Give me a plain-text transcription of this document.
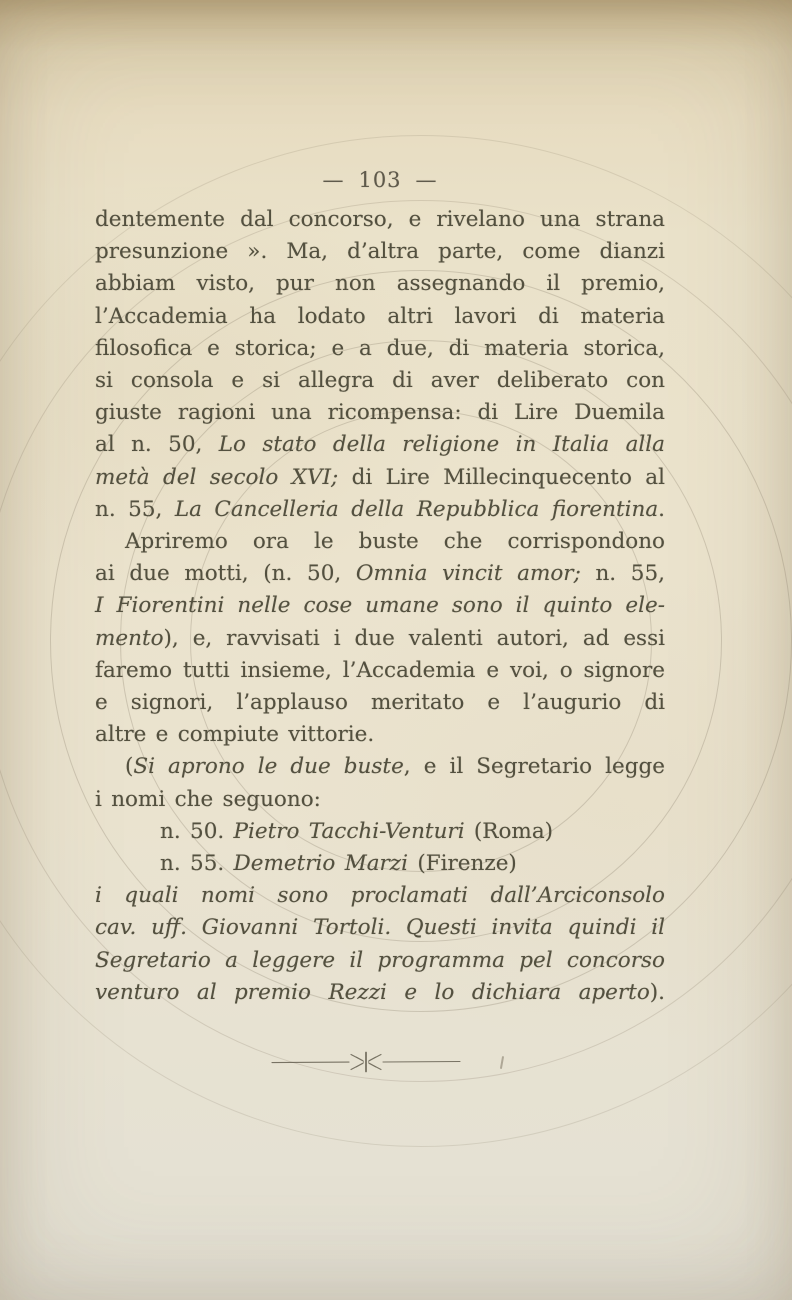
— 103 —
dentemente dal concorso, e rivelano una strana
presunzione ». Ma, d’altra parte, come dianzi
abbiam visto, pur non assegnando il premio,
l’Accademia ha lodato altri lavori di materia
filosofica e storica; e a due, di materia storica,
si consola e si allegra di aver deliberato con
giuste ragioni una ricompensa: di Lire Duemila
al n. 50, Lo stato della religione in Italia alla
metà del secolo XVI; di Lire Millecinquecento al
n. 55, La Cancelleria della Repubblica fiorentina.
Apriremo ora le buste che corrispondono
ai due motti, (n. 50, Omnia vincit amor; n. 55,
I Fiorentini nelle cose umane sono il quinto ele-
mento), e, ravvisati i due valenti autori, ad essi
faremo tutti insieme, l’Accademia e voi, o signore
e signori, l’applauso meritato e l’augurio di
altre e compiute vittorie.
(Si aprono le due buste, e il Segretario legge
i nomi che seguono:
n. 50. Pietro Tacchi-Venturi (Roma)
n. 55. Demetrio Marzi (Firenze)
i quali nomi sono proclamati dall’Arciconsolo
cav. uff. Giovanni Tortoli. Questi invita quindi il
Segretario a leggere il programma pel concorso
venturo al premio Rezzi e lo dichiara aperto).
